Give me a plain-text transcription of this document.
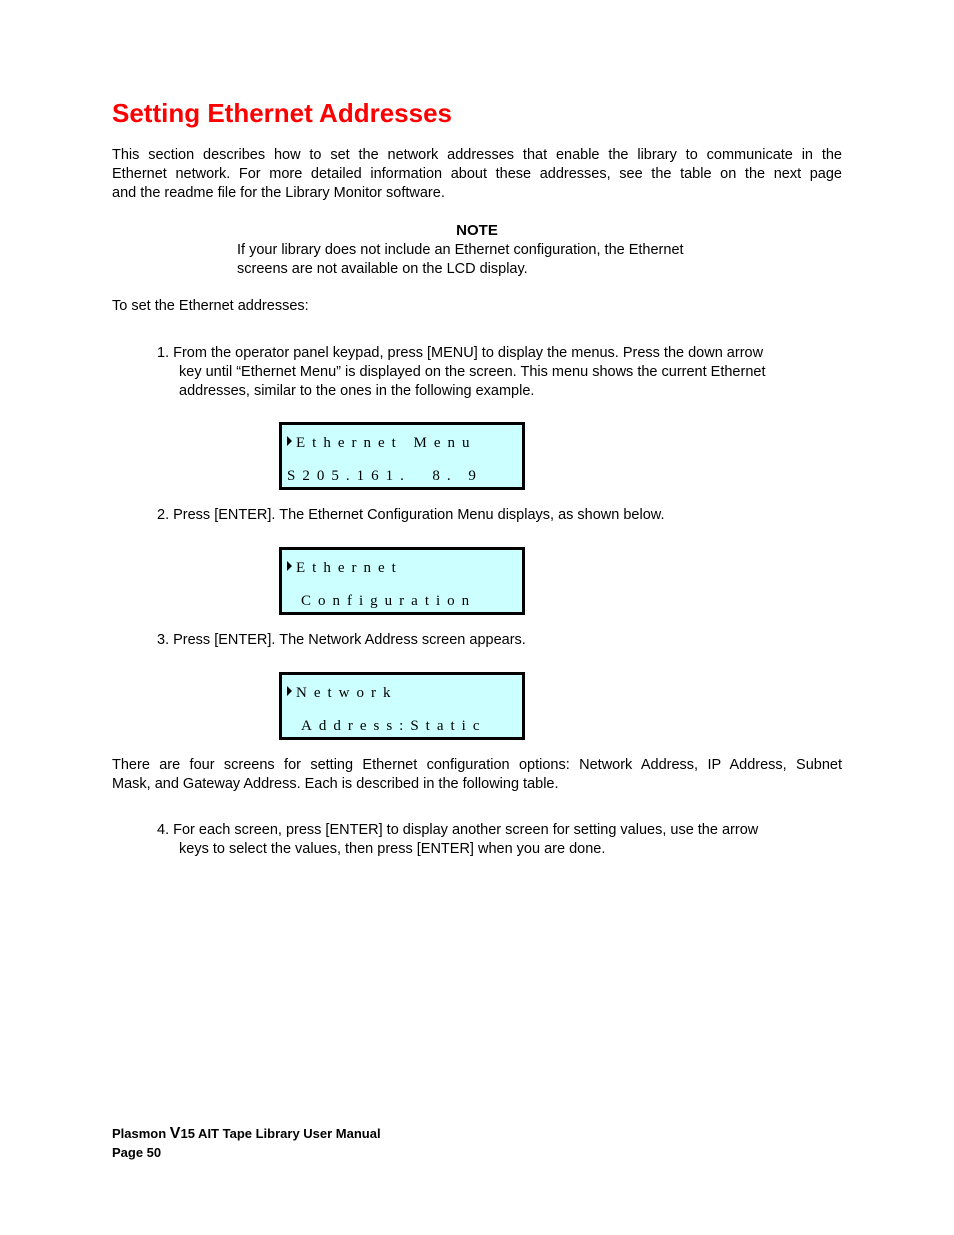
Setting Ethernet Addresses
This section describes how to set the network addresses that enable the library to communicate in the
Ethernet network. For more detailed information about these addresses, see the table on the next page
and the readme file for the Library Monitor software.
NOTE
If your library does not include an Ethernet configuration, the Ethernet
screens are not available on the LCD display.
To set the Ethernet addresses:
1. From the operator panel keypad, press [MENU] to display the menus. Press the down arrow
key until “Ethernet Menu” is displayed on the screen. This menu shows the current Ethernet
addresses, similar to the ones in the following example.
Ethernet Menu
S205.161.  8. 9
2. Press [ENTER]. The Ethernet Configuration Menu displays, as shown below.
Ethernet
Configuration
3. Press [ENTER]. The Network Address screen appears.
Network
Address:Static
There are four screens for setting Ethernet configuration options: Network Address, IP Address, Subnet
Mask, and Gateway Address. Each is described in the following table.
4. For each screen, press [ENTER] to display another screen for setting values, use the arrow
keys to select the values, then press [ENTER] when you are done.
Plasmon V15 AIT Tape Library User Manual
Page 50
